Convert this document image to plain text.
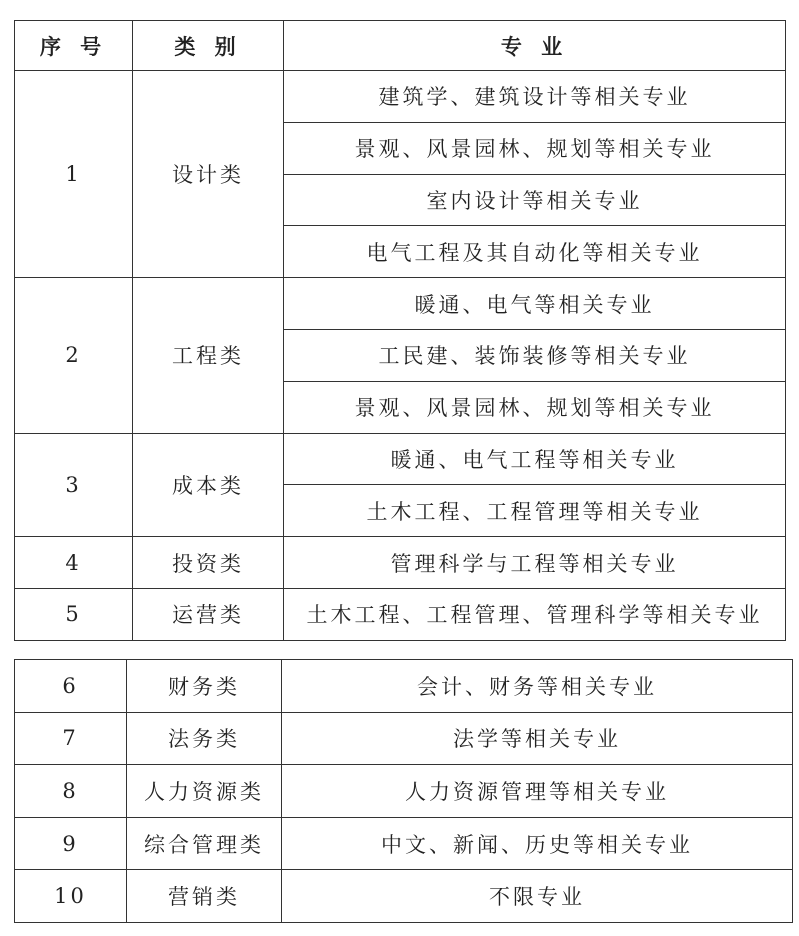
序 号	类 别	专 业
1	设计类	建筑学、建筑设计等相关专业
		景观、风景园林、规划等相关专业
		室内设计等相关专业
		电气工程及其自动化等相关专业
2	工程类	暖通、电气等相关专业
		工民建、装饰装修等相关专业
		景观、风景园林、规划等相关专业
3	成本类	暖通、电气工程等相关专业
		土木工程、工程管理等相关专业
4	投资类	管理科学与工程等相关专业
5	运营类	土木工程、工程管理、管理科学等相关专业
6	财务类	会计、财务等相关专业
7	法务类	法学等相关专业
8	人力资源类	人力资源管理等相关专业
9	综合管理类	中文、新闻、历史等相关专业
10	营销类	不限专业
